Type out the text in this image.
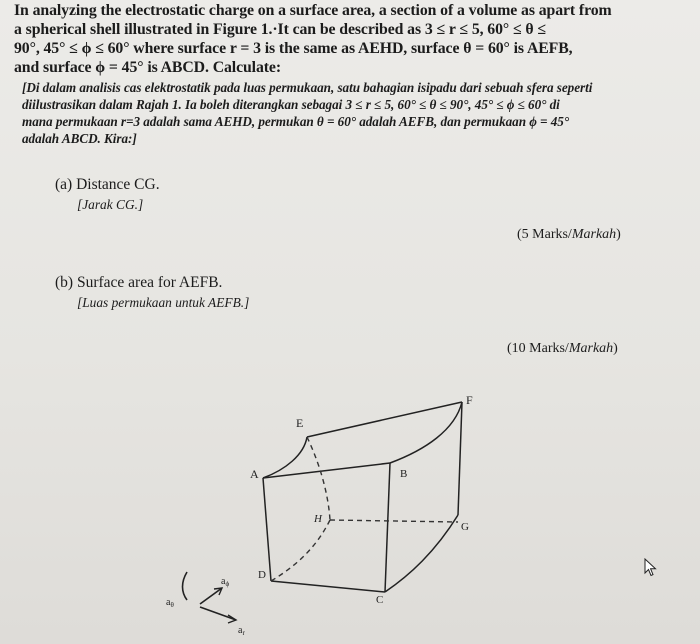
In analyzing the electrostatic charge on a surface area, a section of a volume as apart from
a spherical shell illustrated in Figure 1.·It can be described as 3 ≤ r ≤ 5, 60° ≤ θ ≤
90°, 45° ≤ ϕ ≤ 60° where surface r = 3 is the same as AEHD, surface θ = 60° is AEFB,
and surface ϕ = 45° is ABCD. Calculate:
[Di dalam analisis cas elektrostatik pada luas permukaan, satu bahagian isipadu dari sebuah sfera seperti
diilustrasikan dalam Rajah 1. Ia boleh diterangkan sebagai 3 ≤ r ≤ 5, 60° ≤ θ ≤ 90°, 45° ≤ ϕ ≤ 60° di
mana permukaan r=3 adalah sama AEHD, permukan θ = 60° adalah AEFB, dan permukaan ϕ = 45°
adalah ABCD. Kira:]
(a) Distance CG.
[Jarak CG.]
(5 Marks/Markah)
(b) Surface area for AEFB.
[Luas permukaan untuk AEFB.]
(10 Marks/Markah)
E
F
A	B
H
G
D
C
$a_\theta$
$a_\phi$
$a_r$
